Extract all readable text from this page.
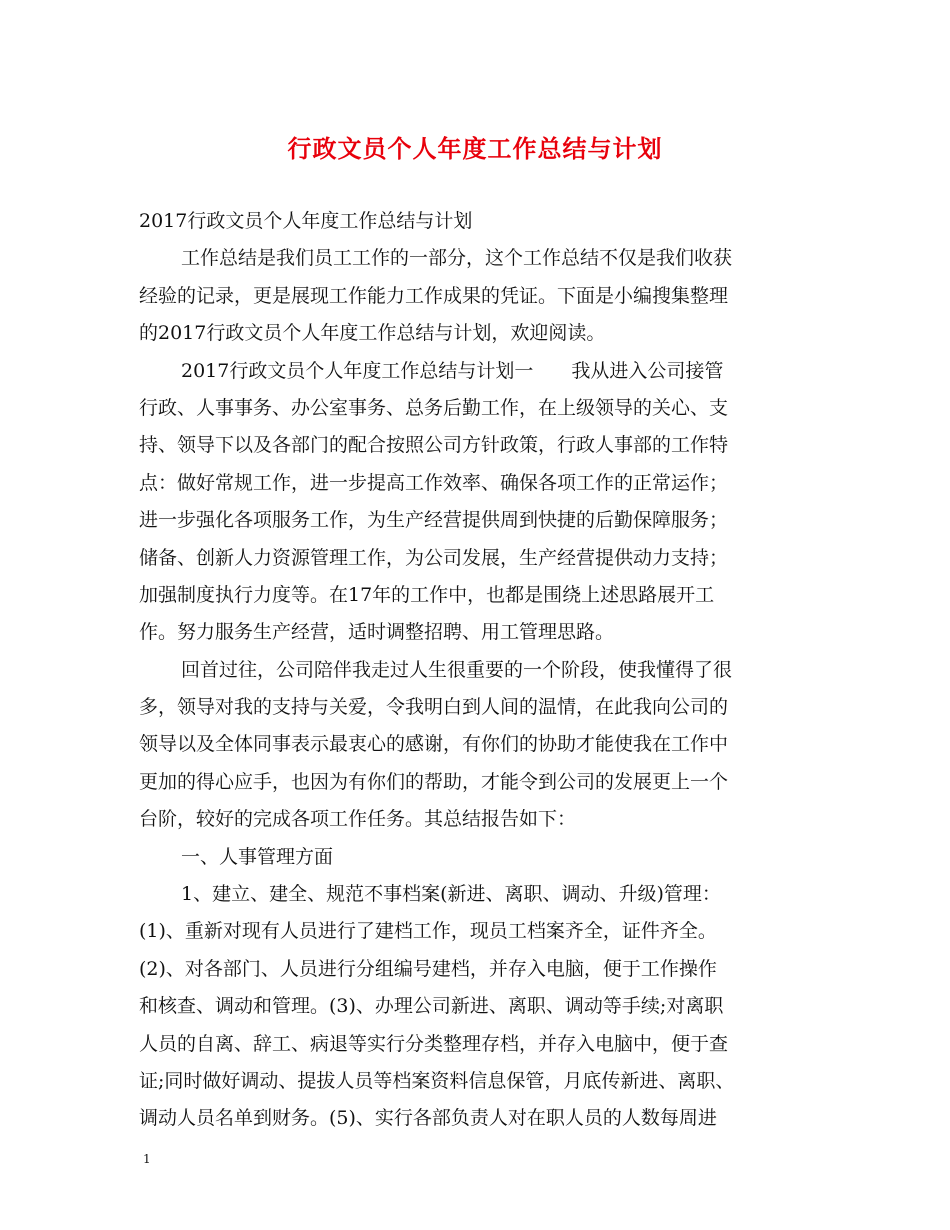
行政文员个人年度工作总结与计划
2017行政文员个人年度工作总结与计划
工作总结是我们员工工作的一部分，这个工作总结不仅是我们收获
经验的记录，更是展现工作能力工作成果的凭证。下面是小编搜集整理
的2017行政文员个人年度工作总结与计划，欢迎阅读。
2017行政文员个人年度工作总结与计划一　　我从进入公司接管
行政、人事事务、办公室事务、总务后勤工作，在上级领导的关心、支
持、领导下以及各部门的配合按照公司方针政策，行政人事部的工作特
点：做好常规工作，进一步提高工作效率、确保各项工作的正常运作；
进一步强化各项服务工作，为生产经营提供周到快捷的后勤保障服务；
储备、创新人力资源管理工作，为公司发展，生产经营提供动力支持；
加强制度执行力度等。在17年的工作中，也都是围绕上述思路展开工
作。努力服务生产经营，适时调整招聘、用工管理思路。
回首过往，公司陪伴我走过人生很重要的一个阶段，使我懂得了很
多，领导对我的支持与关爱，令我明白到人间的温情，在此我向公司的
领导以及全体同事表示最衷心的感谢，有你们的协助才能使我在工作中
更加的得心应手，也因为有你们的帮助，才能令到公司的发展更上一个
台阶，较好的完成各项工作任务。其总结报告如下：
一、人事管理方面
1、建立、建全、规范不事档案(新进、离职、调动、升级)管理：
(1)、重新对现有人员进行了建档工作，现员工档案齐全，证件齐全。
(2)、对各部门、人员进行分组编号建档，并存入电脑，便于工作操作
和核查、调动和管理。(3)、办理公司新进、离职、调动等手续;对离职
人员的自离、辞工、病退等实行分类整理存档，并存入电脑中，便于查
证;同时做好调动、提拔人员等档案资料信息保管，月底传新进、离职、
调动人员名单到财务。(5)、实行各部负责人对在职人员的人数每周进
1
